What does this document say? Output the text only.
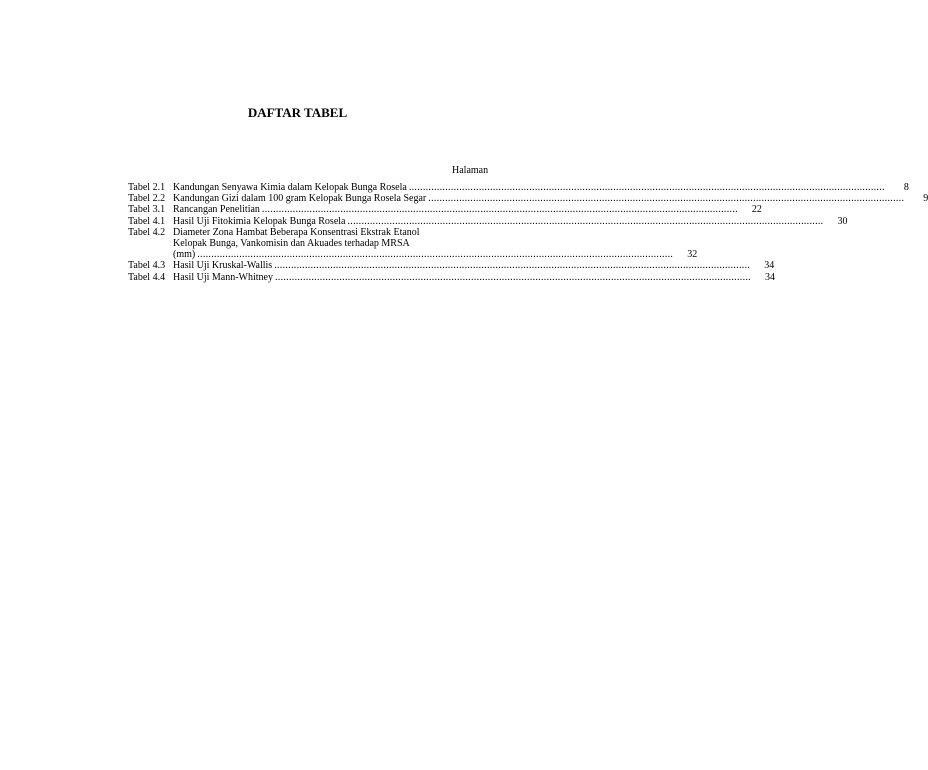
DAFTAR TABEL
Halaman
Tabel 2.1 Kandungan Senyawa Kimia dalam Kelopak Bunga Rosela .....	8
Tabel 2.2 Kandungan Gizi dalam 100 gram Kelopak Bunga Rosela Segar .....	9
Tabel 3.1 Rancangan Penelitian .....	22
Tabel 4.1 Hasil Uji Fitokimia Kelopak Bunga Rosela .....	30
Tabel 4.2 Diameter Zona Hambat Beberapa Konsentrasi Ekstrak Etanol
Kelopak Bunga, Vankomisin dan Akuades terhadap MRSA
(mm) .....	32
Tabel 4.3 Hasil Uji Kruskal-Wallis .....	34
Tabel 4.4 Hasil Uji Mann-Whitney .....	34
